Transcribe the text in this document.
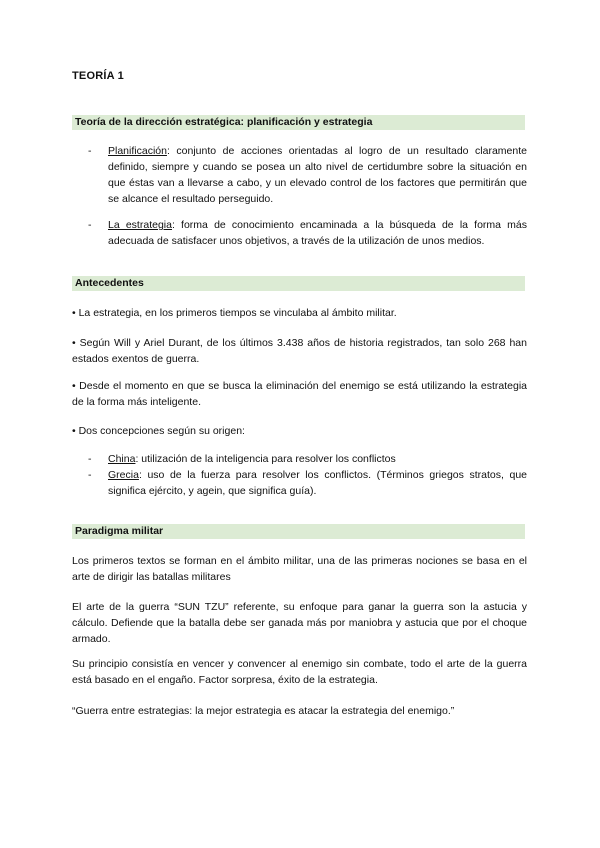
TEORÍA 1
Teoría de la dirección estratégica: planificación y estrategia
- Planificación: conjunto de acciones orientadas al logro de un resultado claramente definido, siempre y cuando se posea un alto nivel de certidumbre sobre la situación en que éstas van a llevarse a cabo, y un elevado control de los factores que permitirán que se alcance el resultado perseguido.
- La estrategia: forma de conocimiento encaminada a la búsqueda de la forma más adecuada de satisfacer unos objetivos, a través de la utilización de unos medios.
Antecedentes

• La estrategia, en los primeros tiempos se vinculaba al ámbito militar.

• Según Will y Ariel Durant, de los últimos 3.438 años de historia registrados, tan solo 268 han estados exentos de guerra.

• Desde el momento en que se busca la eliminación del enemigo se está utilizando la estrategia de la forma más inteligente.

• Dos concepciones según su origen:

- China: utilización de la inteligencia para resolver los conflictos
- Grecia: uso de la fuerza para resolver los conflictos. (Términos griegos stratos, que significa ejército, y agein, que significa guía).
Paradigma militar

Los primeros textos se forman en el ámbito militar, una de las primeras nociones se basa en el arte de dirigir las batallas militares

El arte de la guerra “SUN TZU” referente, su enfoque para ganar la guerra son la astucia y cálculo. Defiende que la batalla debe ser ganada más por maniobra y astucia que por el choque armado.

Su principio consistía en vencer y convencer al enemigo sin combate, todo el arte de la guerra está basado en el engaño. Factor sorpresa, éxito de la estrategia.

“Guerra entre estrategias: la mejor estrategia es atacar la estrategia del enemigo.”
